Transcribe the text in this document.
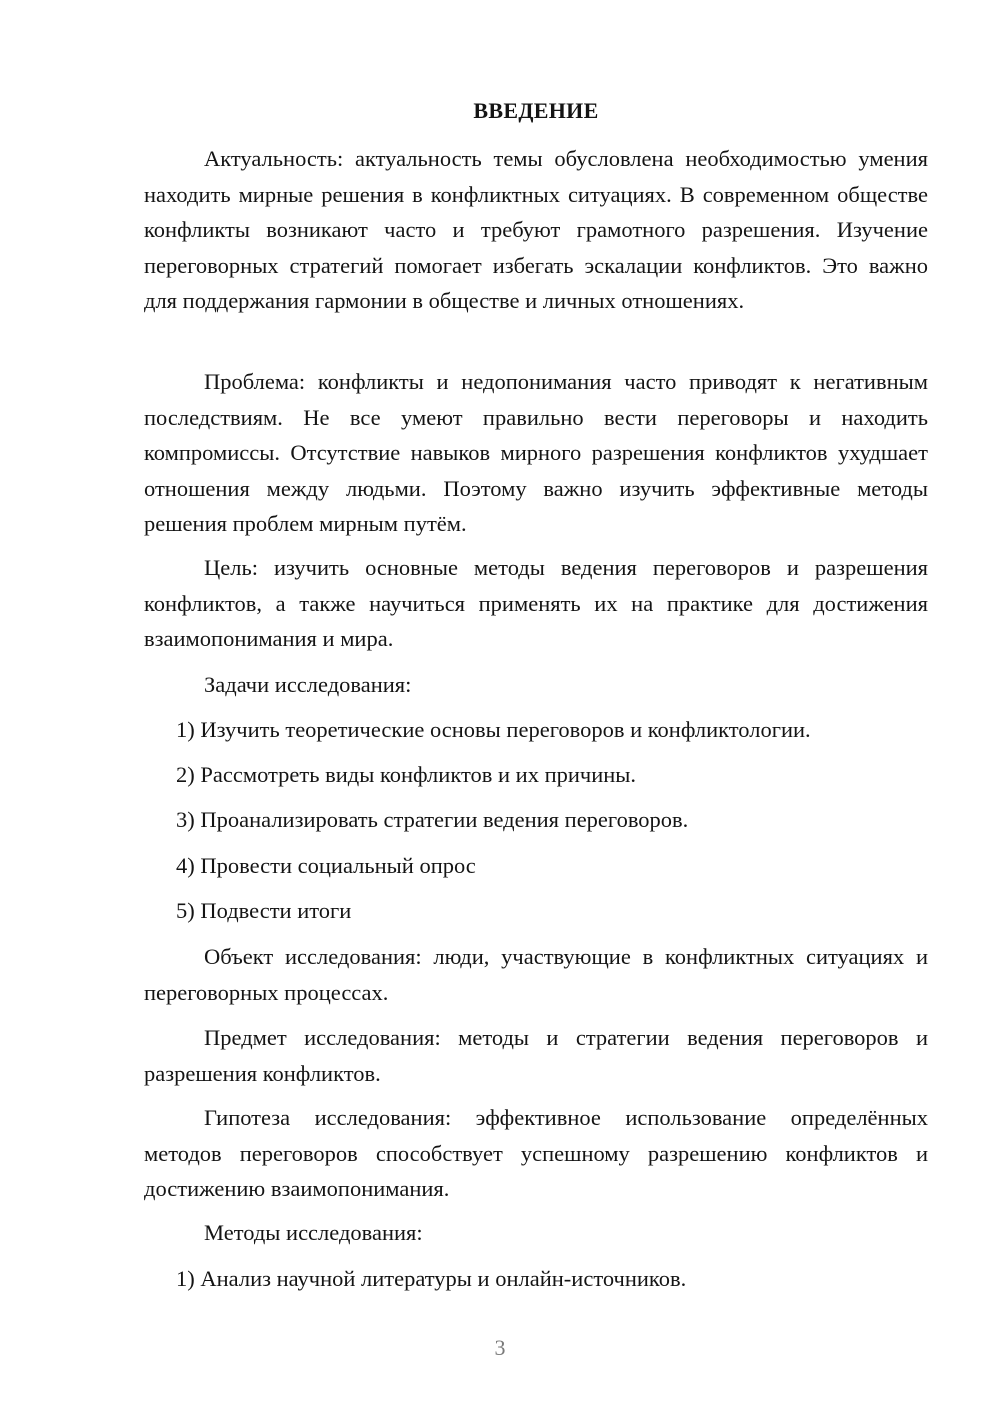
ВВЕДЕНИЕ

Актуальность: актуальность темы обусловлена необходимостью умения находить мирные решения в конфликтных ситуациях. В современном обществе конфликты возникают часто и требуют грамотного разрешения. Изучение переговорных стратегий помогает избегать эскалации конфликтов. Это важно для поддержания гармонии в обществе и личных отношениях.

Проблема: конфликты и недопонимания часто приводят к негативным последствиям. Не все умеют правильно вести переговоры и находить компромиссы. Отсутствие навыков мирного разрешения конфликтов ухудшает отношения между людьми. Поэтому важно изучить эффективные методы решения проблем мирным путём.

Цель: изучить основные методы ведения переговоров и разрешения конфликтов, а также научиться применять их на практике для достижения взаимопонимания и мира.

Задачи исследования:

1) Изучить теоретические основы переговоров и конфликтологии.

2) Рассмотреть виды конфликтов и их причины.

3) Проанализировать стратегии ведения переговоров.

4) Провести социальный опрос

5) Подвести итоги

Объект исследования: люди, участвующие в конфликтных ситуациях и переговорных процессах.

Предмет исследования: методы и стратегии ведения переговоров и разрешения конфликтов.

Гипотеза исследования: эффективное использование определённых методов переговоров способствует успешному разрешению конфликтов и достижению взаимопонимания.

Методы исследования:

1) Анализ научной литературы и онлайн-источников.

3
